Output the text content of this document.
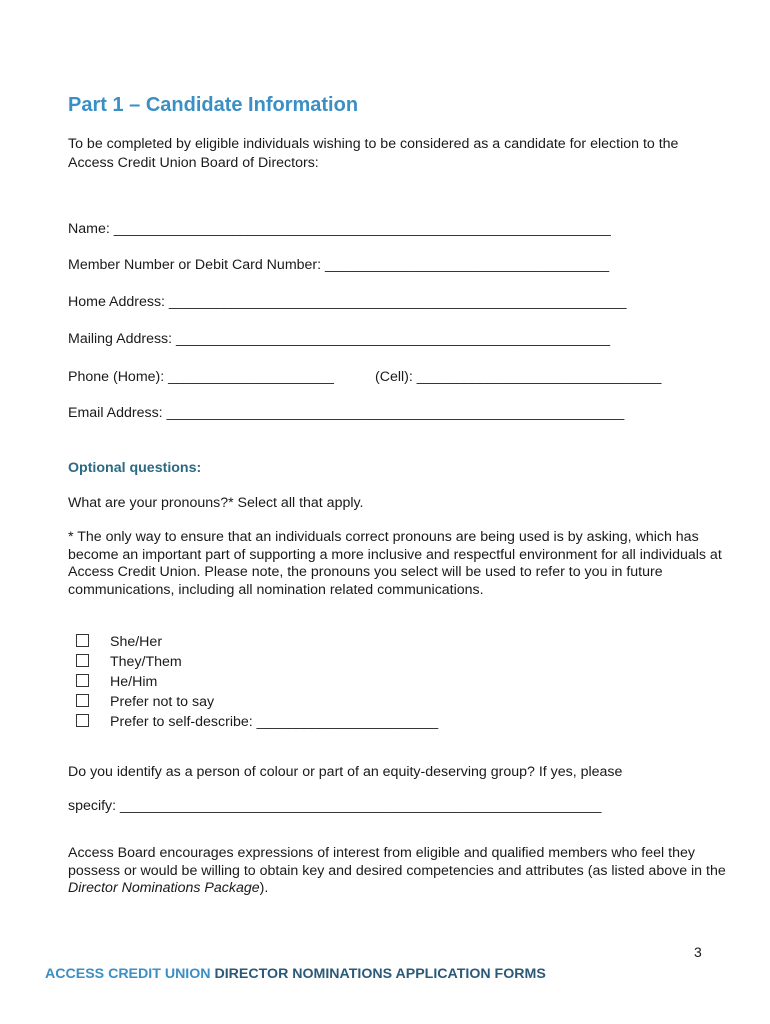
Part 1 – Candidate Information
To be completed by eligible individuals wishing to be considered as a candidate for election to the Access Credit Union Board of Directors:
Name: _______________________________________________________________
Member Number or Debit Card Number: ____________________________________
Home Address: __________________________________________________________
Mailing Address: _______________________________________________________
Phone (Home): _____________________	(Cell): _______________________________
Email Address: __________________________________________________________
Optional questions:
What are your pronouns?* Select all that apply.
* The only way to ensure that an individuals correct pronouns are being used is by asking, which has become an important part of supporting a more inclusive and respectful environment for all individuals at Access Credit Union. Please note, the pronouns you select will be used to refer to you in future communications, including all nomination related communications.
She/Her
They/Them
He/Him
Prefer not to say
Prefer to self-describe: _______________________
Do you identify as a person of colour or part of an equity-deserving group? If yes, please
specify: _____________________________________________________________
Access Board encourages expressions of interest from eligible and qualified members who feel they possess or would be willing to obtain key and desired competencies and attributes (as listed above in the Director Nominations Package).
3
ACCESS CREDIT UNION DIRECTOR NOMINATIONS APPLICATION FORMS
